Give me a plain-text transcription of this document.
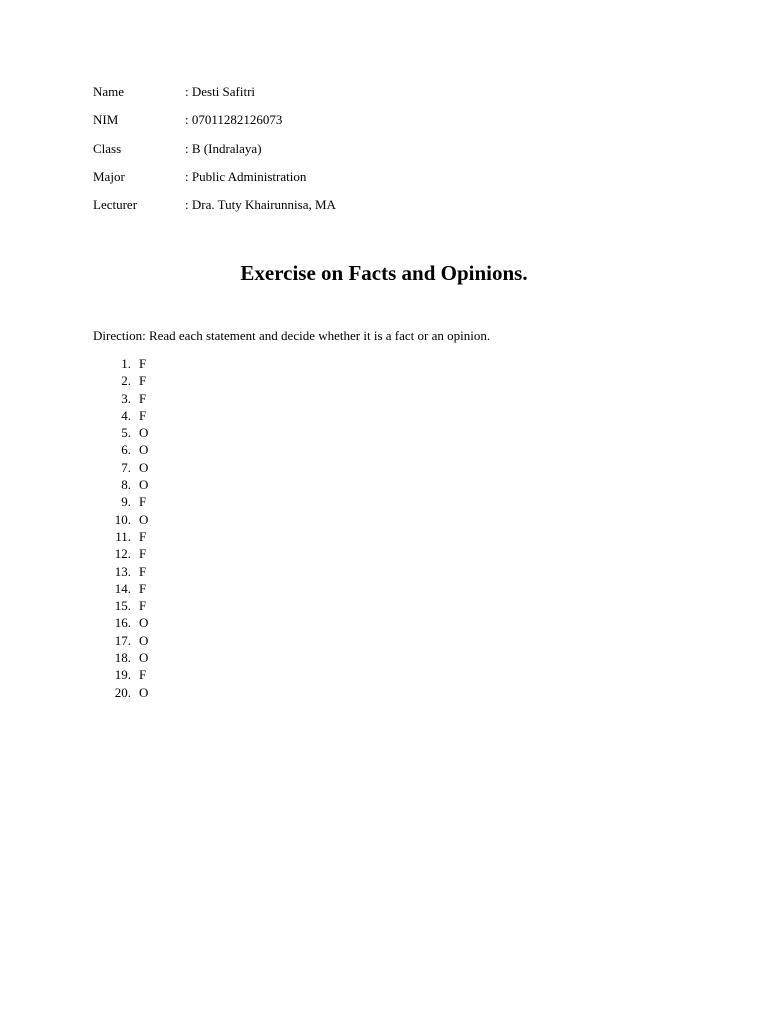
Name	: Desti Safitri
NIM	: 07011282126073
Class	: B (Indralaya)
Major	: Public Administration
Lecturer	: Dra. Tuty Khairunnisa, MA
Exercise on Facts and Opinions.
Direction: Read each statement and decide whether it is a fact or an opinion.
1. F
2. F
3. F
4. F
5. O
6. O
7. O
8. O
9. F
10. O
11. F
12. F
13. F
14. F
15. F
16. O
17. O
18. O
19. F
20. O
